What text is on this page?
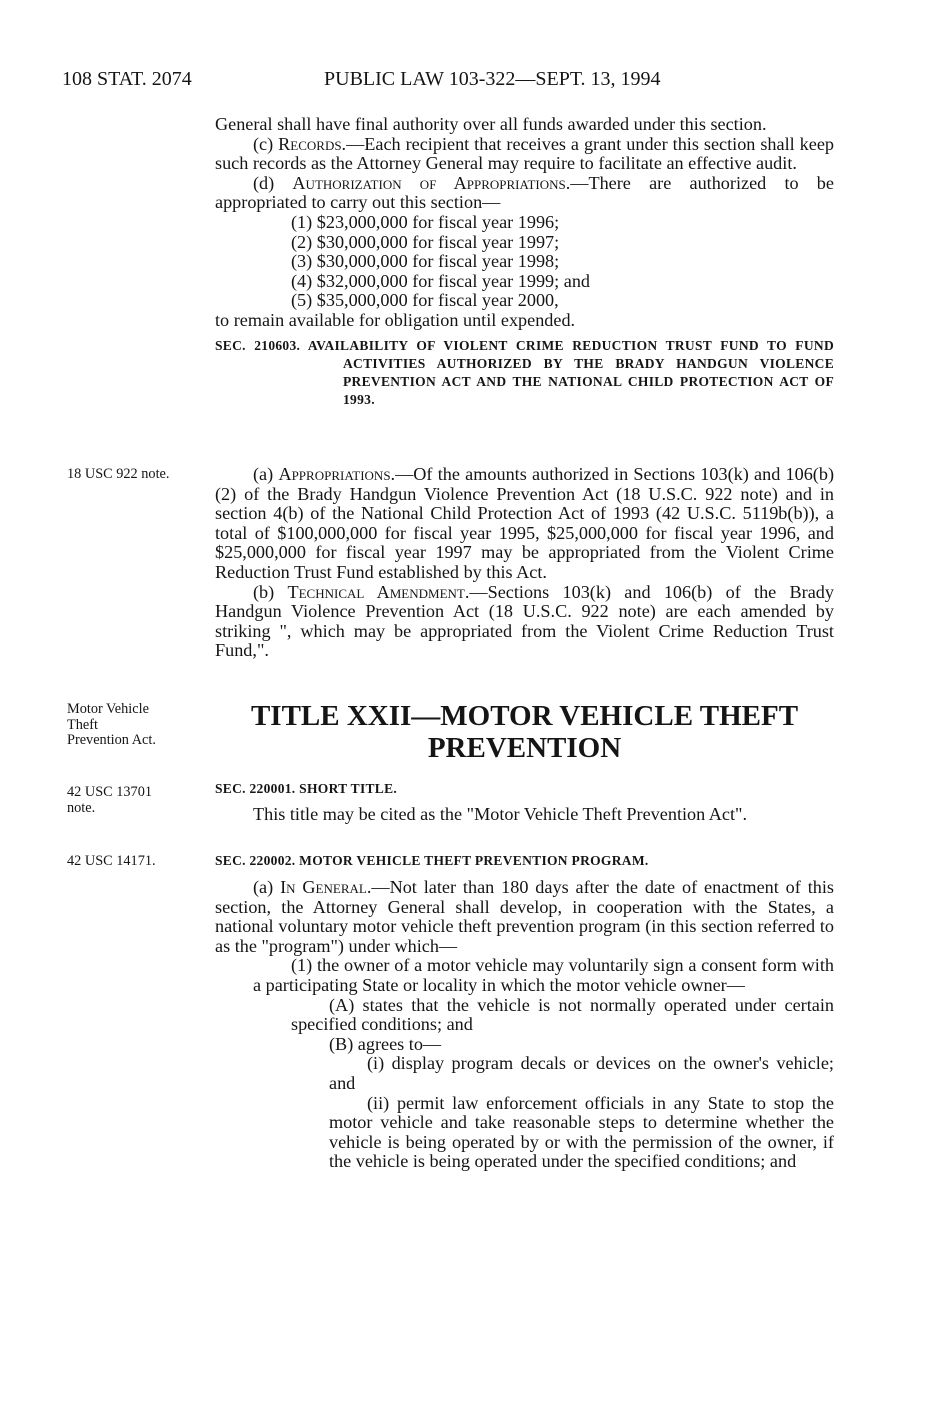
108 STAT. 2074	PUBLIC LAW 103-322—SEPT. 13, 1994

General shall have final authority over all funds awarded under this section.

(c) Records.—Each recipient that receives a grant under this section shall keep such records as the Attorney General may require to facilitate an effective audit.

(d) Authorization of Appropriations.—There are authorized to be appropriated to carry out this section—

(1) $23,000,000 for fiscal year 1996;

(2) $30,000,000 for fiscal year 1997;

(3) $30,000,000 for fiscal year 1998;

(4) $32,000,000 for fiscal year 1999; and

(5) $35,000,000 for fiscal year 2000,

to remain available for obligation until expended.

SEC. 210603. AVAILABILITY OF VIOLENT CRIME REDUCTION TRUST FUND TO FUND ACTIVITIES AUTHORIZED BY THE BRADY HANDGUN VIOLENCE PREVENTION ACT AND THE NATIONAL CHILD PROTECTION ACT OF 1993.

(a) Appropriations.—Of the amounts authorized in Sections 103(k) and 106(b)(2) of the Brady Handgun Violence Prevention Act (18 U.S.C. 922 note) and in section 4(b) of the National Child Protection Act of 1993 (42 U.S.C. 5119b(b)), a total of $100,000,000 for fiscal year 1995, $25,000,000 for fiscal year 1996, and $25,000,000 for fiscal year 1997 may be appropriated from the Violent Crime Reduction Trust Fund established by this Act.

(b) Technical Amendment.—Sections 103(k) and 106(b) of the Brady Handgun Violence Prevention Act (18 U.S.C. 922 note) are each amended by striking ", which may be appropriated from the Violent Crime Reduction Trust Fund,".

TITLE XXII—MOTOR VEHICLE THEFT
PREVENTION

SEC. 220001. SHORT TITLE.

This title may be cited as the "Motor Vehicle Theft Prevention Act".

SEC. 220002. MOTOR VEHICLE THEFT PREVENTION PROGRAM.

(a) In General.—Not later than 180 days after the date of enactment of this section, the Attorney General shall develop, in cooperation with the States, a national voluntary motor vehicle theft prevention program (in this section referred to as the "program") under which—

(1) the owner of a motor vehicle may voluntarily sign a consent form with a participating State or locality in which the motor vehicle owner—

(A) states that the vehicle is not normally operated under certain specified conditions; and

(B) agrees to—

(i) display program decals or devices on the owner's vehicle; and

(ii) permit law enforcement officials in any State to stop the motor vehicle and take reasonable steps to determine whether the vehicle is being operated by or with the permission of the owner, if the vehicle is being operated under the specified conditions; and

18 USC 922 note.
Motor Vehicle
Theft
Prevention Act.
42 USC 13701
note.
42 USC 14171.
